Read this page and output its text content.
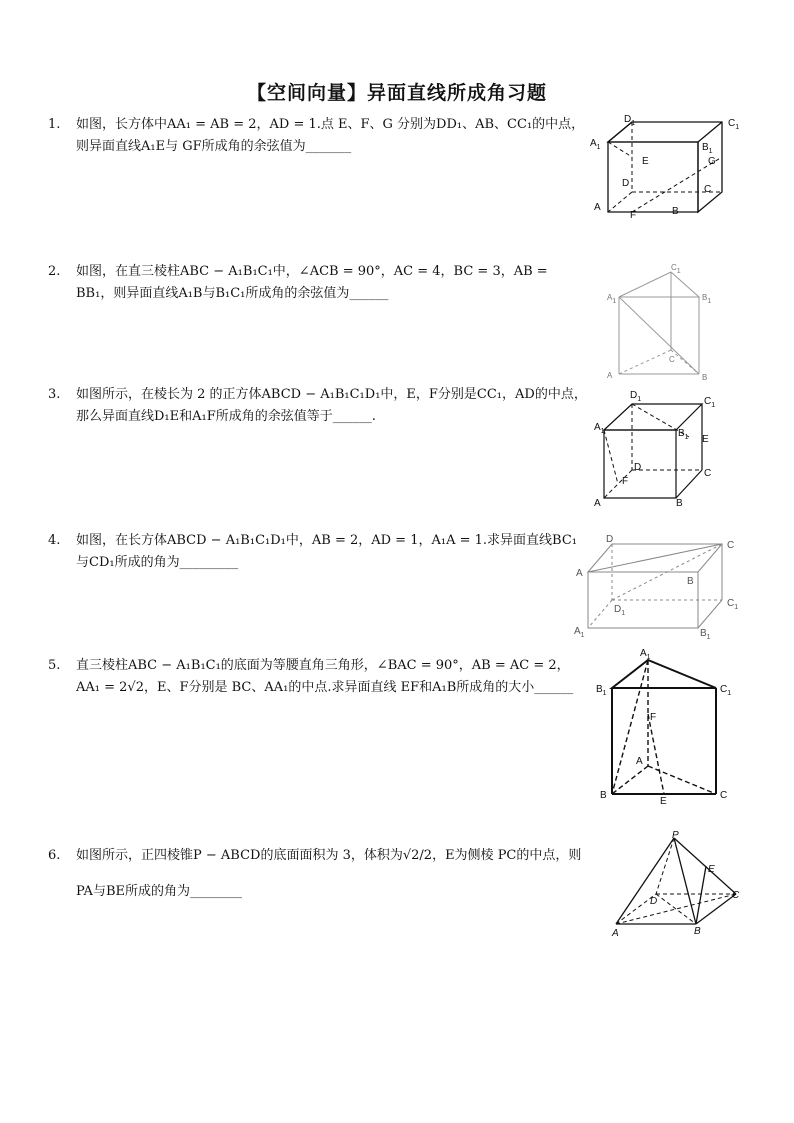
【空间向量】异面直线所成角习题
1. 如图，长方体中AA₁ = AB = 2，AD = 1.点 E、F、G 分别为DD₁、AB、CC₁的中点， 则异面直线A₁E与 GF所成角的余弦值为_______	$A_1$
$D_1$	$C_1$
$B_1$
E	G
D
C
A
F	B
2. 如图，在直三棱柱ABC − A₁B₁C₁中，∠ACB = 90°，AC = 4，BC = 3，AB = BB₁，则异面直线A₁B与B₁C₁所成角的余弦值为______	A1
C1
B1
A
C
B
3. 如图所示，在棱长为 2 的正方体ABCD − A₁B₁C₁D₁中，E，F分别是CC₁，AD的中点，那么异面直线D₁E和A₁F所成角的余弦值等于______.
$D_1$	$C_1$
$A_1$	$B_1$ E
D
C
F
A	B
4. 如图，在长方体ABCD − A₁B₁C₁D₁中，AB = 2，AD = 1，A₁A = 1.求异面直线BC₁与CD₁所成的角为_________
D
C
A
B
$D_1$
$C_1$
$A_1$	$B_1$
5. 直三棱柱ABC − A₁B₁C₁的底面为等腰直角三角形，∠BAC = 90°，AB = AC = 2，AA₁ = 2√2，E、F分别是 BC、AA₁的中点.求异面直线 EF和A₁B所成角的大小______
$A_1$
$B_1$	$C_1$
F
A
B
E
C
6. 如图所示，正四棱锥P − ABCD的底面面积为 3，体积为√2/2，E为侧棱 PC的中点，则PA与BE所成的角为________
P
E
D
C
A	B
